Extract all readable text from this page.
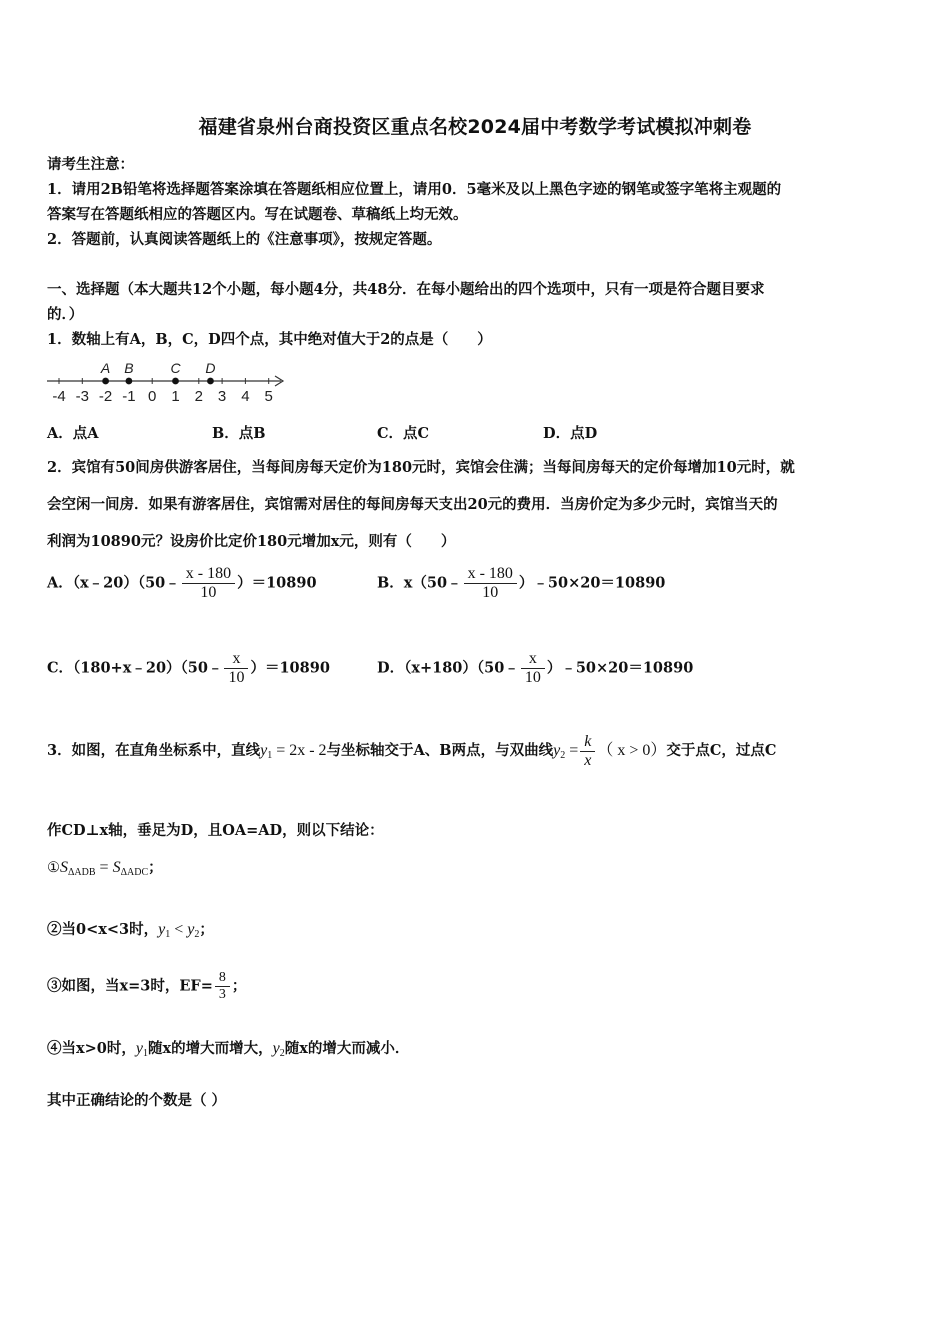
福建省泉州台商投资区重点名校2024届中考数学考试模拟冲刺卷
请考生注意：
1．请用2B铅笔将选择题答案涂填在答题纸相应位置上，请用0．5毫米及以上黑色字迹的钢笔或签字笔将主观题的
答案写在答题纸相应的答题区内。写在试题卷、草稿纸上均无效。
2．答题前，认真阅读答题纸上的《注意事项》，按规定答题。
一、选择题（本大题共12个小题，每小题4分，共48分．在每小题给出的四个选项中，只有一项是符合题目要求
的．）
1．数轴上有A，B，C，D四个点，其中绝对值大于2的点是（　　）
-4 -3 -2 -1 0 1 2 3 4 5
A B	C D
A．点A	B．点B	C．点C	D．点D
2．宾馆有50间房供游客居住，当每间房每天定价为180元时，宾馆会住满；当每间房每天的定价每增加10元时，就
会空闲一间房．如果有游客居住，宾馆需对居住的每间房每天支出20元的费用．当房价定为多少元时，宾馆当天的
利润为10890元？设房价比定价180元增加x元，则有（　　）
A．（x﹣20）（50﹣ $\frac{x - 180}{10} )=10890$	B．x（50﹣ $\frac{x - 180}{10}$ ）﹣50×20＝10890
C．（180+x﹣20）（50﹣ $\frac{x}{10} )=10890$	D．（x+180）（50﹣ $\frac{x}{10}$ ）﹣50×20＝10890
3．如图，在直角坐标系中，直线$y_1 = 2x - 2$与坐标轴交于A、B两点，与双曲线$y_2 = \frac{k}{x}$ （ x > 0）交于点C，过点C
作CD⊥x轴，垂足为D，且OA=AD，则以下结论：
$①S_{\Delta ADB} = S_{\Delta ADC}$；
②当0<x<3时，$y_1 < y_2$；
③如图，当x=3时，$EF= \frac{8}{3}$ ；
④当x>0时，$y_1$随x的增大而增大，$y_2$随x的增大而减小．
其中正确结论的个数是（ ）
